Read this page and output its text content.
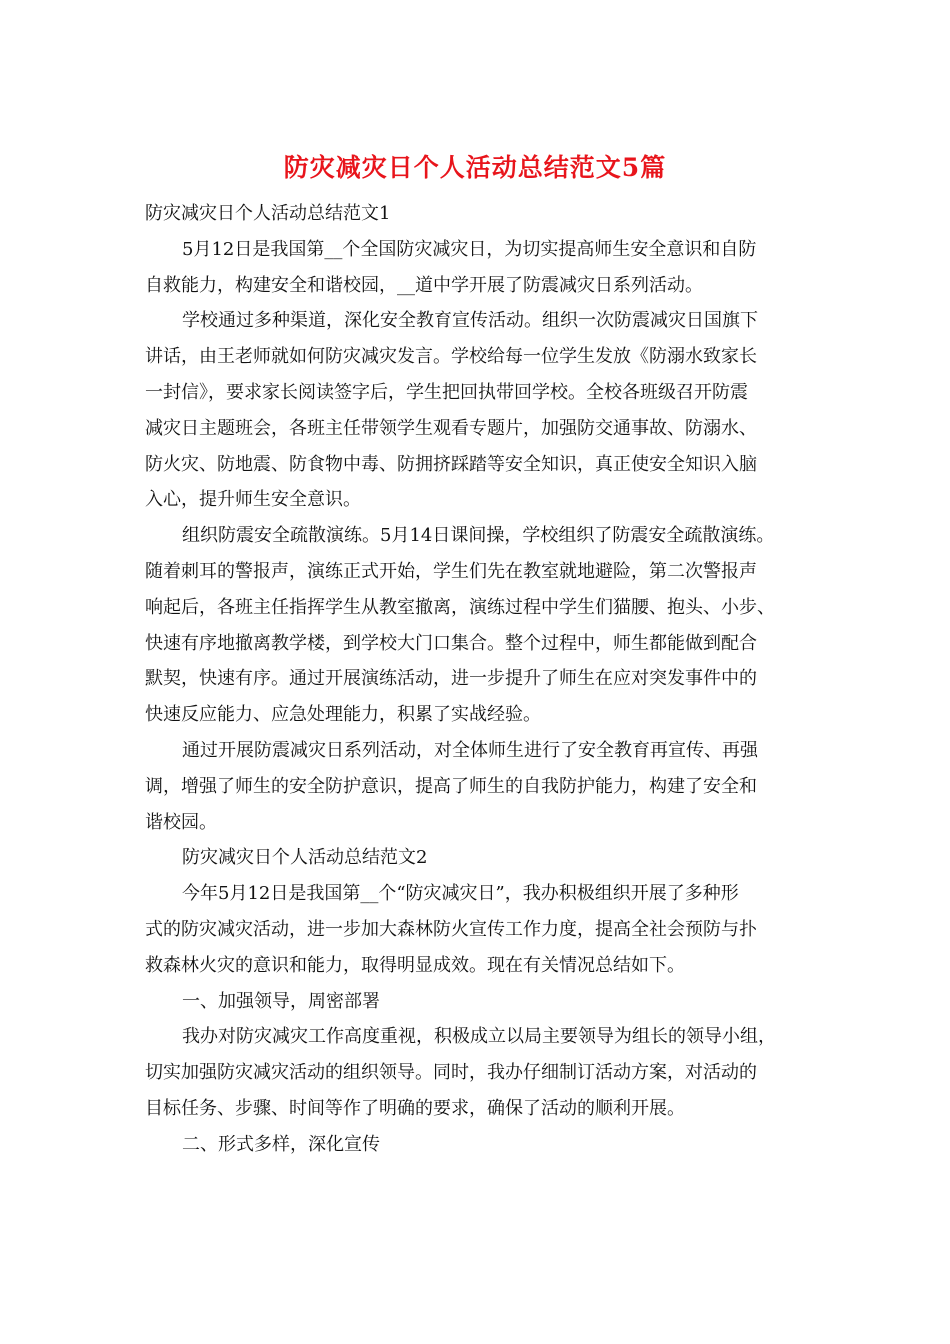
防灾减灾日个人活动总结范文5篇
防灾减灾日个人活动总结范文1
5月12日是我国第__个全国防灾减灾日，为切实提高师生安全意识和自防
自救能力，构建安全和谐校园，__道中学开展了防震减灾日系列活动。
学校通过多种渠道，深化安全教育宣传活动。组织一次防震减灾日国旗下
讲话，由王老师就如何防灾减灾发言。学校给每一位学生发放《防溺水致家长
一封信》，要求家长阅读签字后，学生把回执带回学校。全校各班级召开防震
减灾日主题班会，各班主任带领学生观看专题片，加强防交通事故、防溺水、
防火灾、防地震、防食物中毒、防拥挤踩踏等安全知识，真正使安全知识入脑
入心，提升师生安全意识。
组织防震安全疏散演练。5月14日课间操，学校组织了防震安全疏散演练。
随着刺耳的警报声，演练正式开始，学生们先在教室就地避险，第二次警报声
响起后，各班主任指挥学生从教室撤离，演练过程中学生们猫腰、抱头、小步、
快速有序地撤离教学楼，到学校大门口集合。整个过程中，师生都能做到配合
默契，快速有序。通过开展演练活动，进一步提升了师生在应对突发事件中的
快速反应能力、应急处理能力，积累了实战经验。
通过开展防震减灾日系列活动，对全体师生进行了安全教育再宣传、再强
调，增强了师生的安全防护意识，提高了师生的自我防护能力，构建了安全和
谐校园。
防灾减灾日个人活动总结范文2
今年5月12日是我国第__个“防灾减灾日”，我办积极组织开展了多种形
式的防灾减灾活动，进一步加大森林防火宣传工作力度，提高全社会预防与扑
救森林火灾的意识和能力，取得明显成效。现在有关情况总结如下。
一、加强领导，周密部署
我办对防灾减灾工作高度重视，积极成立以局主要领导为组长的领导小组，
切实加强防灾减灾活动的组织领导。同时，我办仔细制订活动方案，对活动的
目标任务、步骤、时间等作了明确的要求，确保了活动的顺利开展。
二、形式多样，深化宣传
